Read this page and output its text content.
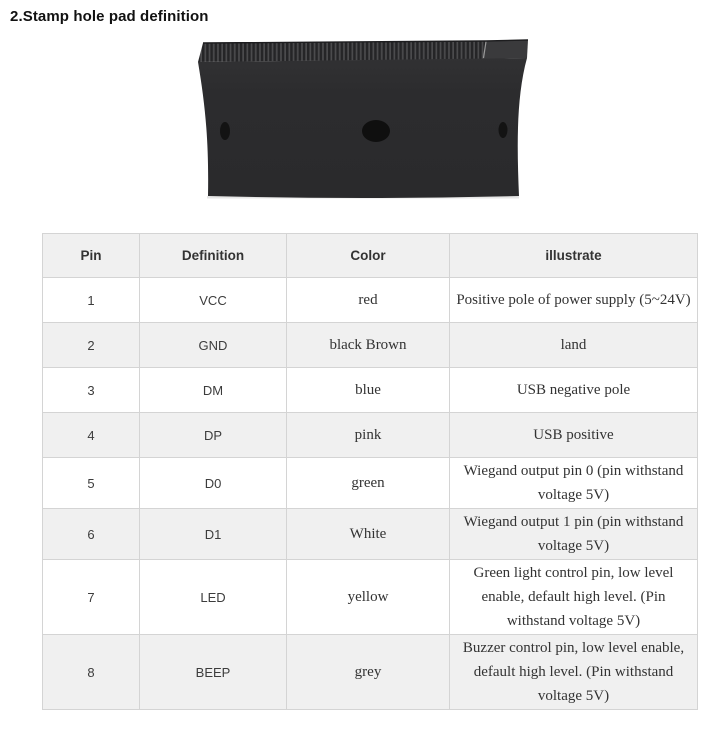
2.Stamp hole pad definition
Pin	Definition	Color	illustrate
1	VCC	red	Positive pole of power supply (5~24V)
2	GND	black Brown	land
3	DM	blue	USB negative pole
4	DP	pink	USB positive
5	D0	green	Wiegand output pin 0 (pin withstand voltage 5V)
6	D1	White	Wiegand output 1 pin (pin withstand voltage 5V)
7	LED	yellow	Green light control pin, low level enable, default high level. (Pin withstand voltage 5V)
8	BEEP	grey	Buzzer control pin, low level enable, default high level. (Pin withstand voltage 5V)
